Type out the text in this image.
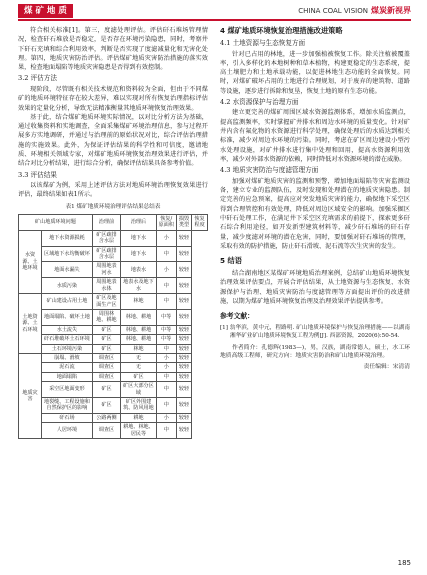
煤 矿 地 质	CHINA COAL VISION 煤炭新视界

符合相关标准[1]。第三，度滤处理评估。评估矸石堆场管理情况，检查矸石堆放是否稳定，是否存在环境污染隐患，同时，考察井下矸石充填和综合利用效率，判断是否实现了度滤减量化和无害化处理。第四，地质灾害防治评估。评估煤矿地质灾害防治措施的落实效果，检查地面塌陷等地质灾害隐患是否得到有效控制。

3.2 评估方法

现阶段，尽管既有相关技术规范和资料较为全面，但由于不同煤矿的地质环境特征存在较大差异，难以实现对所有恢复治理指标评估效果的定量化分析，导致无法精准衡量其地质环境恢复治理效果。

基于此，结合煤矿地质环境实际情况，以对比分析方法为基础，通过收集资料和实地调查，全面采集煤矿环境治理信息，参与过程开展多方实地调研，并通过与治理前的原始状况对比，综合评估治理措施的实施效果。此外，为保证评估结果的科学性和可信度，邀请地质、环境相关领域专家，对煤矿地质环境恢复治理效果进行评估，并结合对比分析结果，进行综合分析，确保评估结果具备参考价值。

3.3 评估结果

以该煤矿为例，采用上述评估方法对地质环境治理恢复效果进行评估，最终结果如表1所示。

表1 煤矿地质环境治理评估结果总结表
矿山地质环境问题		治理前	治理后	恢复/原面积	损毁类型	恢复程度
水资源、土地环境	地下水资源损耗	矿区疏排含水层	地下水	小	较轻	
	区域地下水均衡破坏	矿区疏排含水层	地下水	中	较轻	
	地面水漏失	周围地表河水	地表水	小	较轻	
	水质污染	周围地表水体	地表水及地下水	中	较轻	
土地资源、土石环境	矿山建设占用土地	矿区及地面生产区	林地	中	较轻	
	地面塌陷、破坏土地	周围林地、耕地	林地、耕地	中等	较轻	
	水土流失	矿区	林地、耕地	中等	较轻	
	矸石堆破坏土石环境	矿区	林地、耕地	中等	较轻	
	土石环境污染	矿区	林地	中	较轻	
地质灾害	崩塌、滑坡	调查区	无	小	较轻	
	泥石流	调查区	无	小	较轻	
	地面塌陷	调查区	矿区	中	较轻	
	采空区地面变形	矿区	矿区大部分区域	中	较轻	
	地裂缝、工程设施和自然保护区的影响	矿区	矿区外围建筑、防风用地	中	较轻	
	矸石场	公路两侧	耕地	小	较轻	
	人居环境	调查区	耕地、林地、居民等	中	较轻	
4 煤矿地质环境恢复治理措施改进策略
4.1 土地资源与生态恢复方面

针对已占用的林地，进一步加强植被恢复工作。除关注植被覆盖率，引入多样化的本地树种和草本植物，构建更稳定的生态系统，提高土壤肥力和土地承载功能，以促进林地生态功能的全面恢复。同时，对煤矿破坏占用的土地进行合理规划，对于废弃的建筑物、道路等设施，逐步进行拆除和复垦，恢复土地的原有生态功能。

4.2 水资源保护与治理方面

建立更完善的煤矿周围区域水资源监测体系，增加水质监测点，提高监测频率，实时掌握矿井排水和周边水环境的质量变化。针对矿井内含有氟化物的水资源进行科学处理，确保处理后的水质达到相关标准，减少对周边水环境的污染。同时，考虑在矿区周边建设小型污水处理设施，对矿井排水进行集中处理和回用，提高水资源利用效率，减少对外部水资源的依赖，同时降低对水资源环境的潜在威胁。

4.3 地质灾害防治与度滤管理方面

加强对煤矿地质灾害的监测和预警，增加地面塌陷等灾害监测设备，建立专业的监测队伍，及时发现和处理潜在的地质灾害隐患。制定完善的应急预案，提高应对突发地质灾害的能力，确保地下采空区得到合理管控和有效处理，降低对周边区域安全的影响。加强采掘区中矸石处理工作，在满足井下采空区充填需求的前提下，探索更多矸石综合利用途径，如开发新型建筑材料等，减少矸石堆场的矸石存量，减少度滤对环境的潜在危害，同时，要加强对矸石堆场的管理，采取有效的防护措施，防止矸石滑坡、泥石流等次生灾害的发生。

5 结语

结合湖南地区某煤矿环境地质治理案例，总结矿山地质环境恢复治理效果评估要点，开展合评估结果，从土地资源与生态恢复、水资源保护与治理、地质灾害防治与度滤管理等方面提出评价的改进措施，以期为煤矿地质环境恢复治理及治理效果评估提供参考。

参考文献：

[1] 翁华滨，黄中元，程路明. 矿山地质环境保护与恢复治理措施——以湖南湘华矿业矿山地质环境恢复工程为例[J]. 西部资源，2020(6):50-54.

作者简介：孔德辉(1983—)，男，汉族，湖南常德人，硕士，水工环地质高级工程师，研究方向：地质灾害防治和矿山地质环境治理。

责任编辑：宋清清

185
